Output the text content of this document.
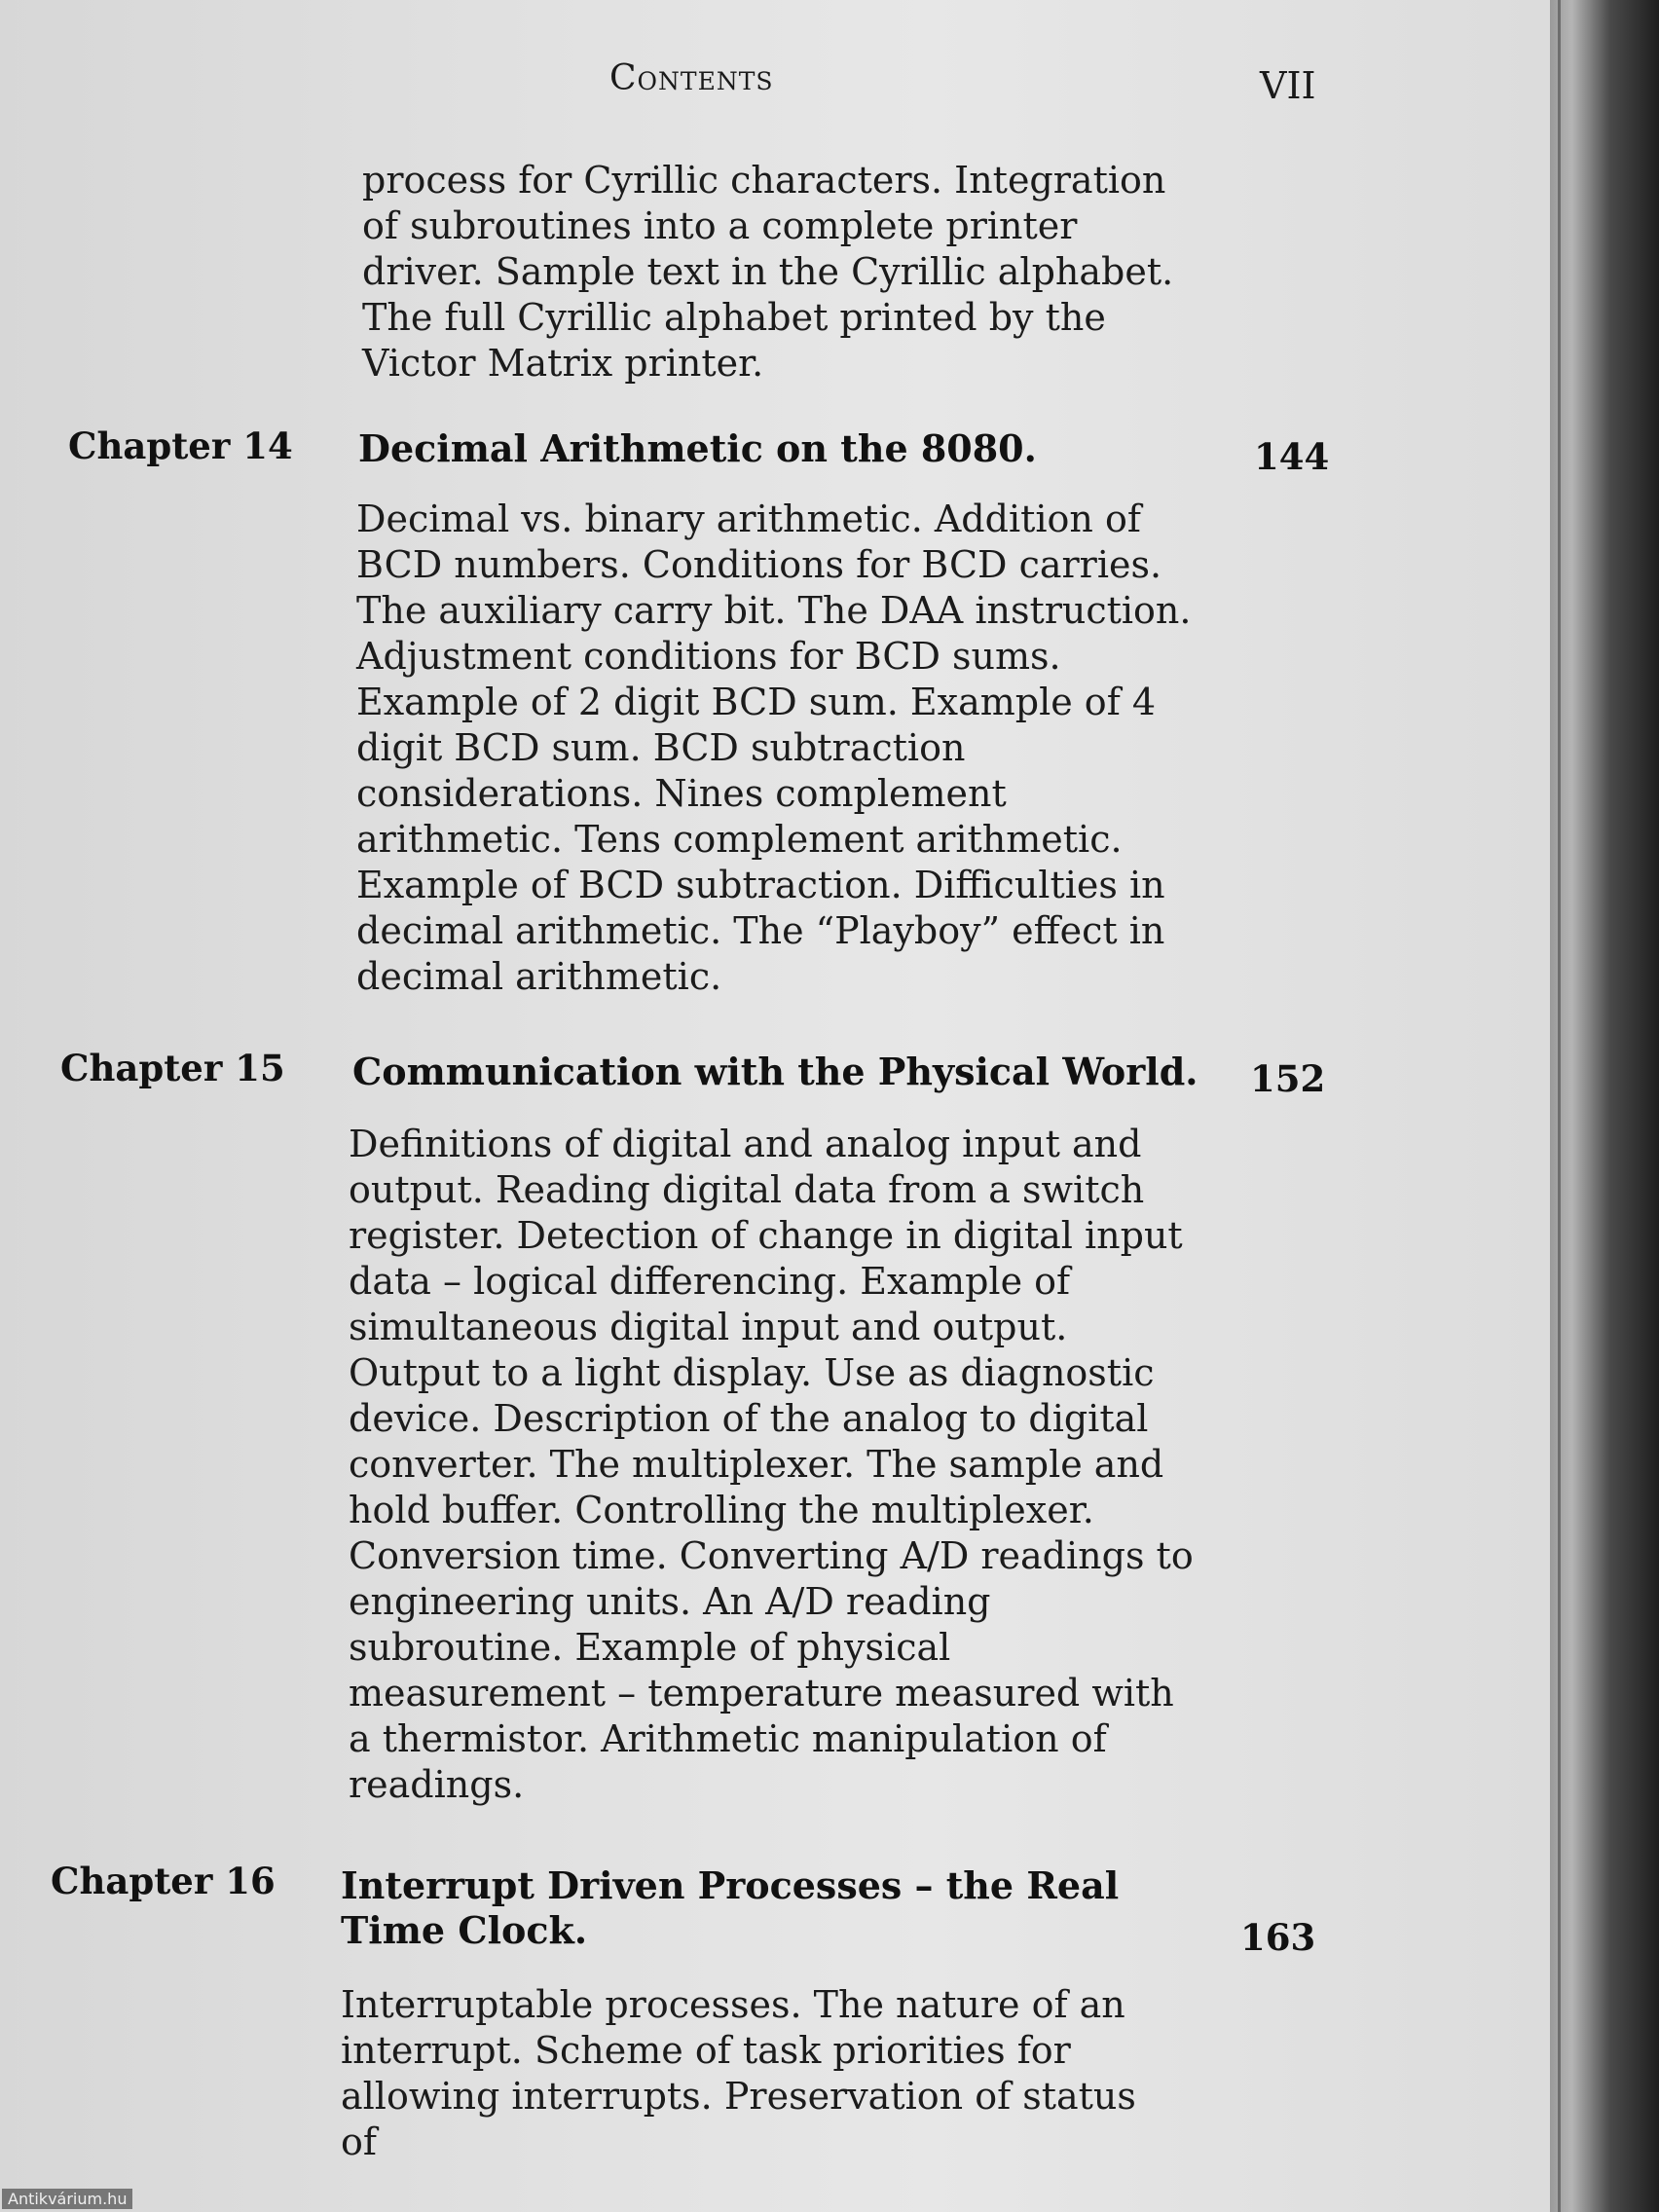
Contents	VII

process for Cyrillic characters. Integration of subroutines into a complete printer driver. Sample text in the Cyrillic alphabet. The full Cyrillic alphabet printed by the Victor Matrix printer.

Chapter 14 Decimal Arithmetic on the 8080.	144

Decimal vs. binary arithmetic. Addition of BCD numbers. Conditions for BCD carries. The auxiliary carry bit. The DAA instruction. Adjustment conditions for BCD sums. Example of 2 digit BCD sum. Example of 4 digit BCD sum. BCD subtraction considerations. Nines complement arithmetic. Tens complement arithmetic. Example of BCD subtraction. Difficulties in decimal arithmetic. The “Playboy” effect in decimal arithmetic.

Chapter 15 Communication with the Physical World.	152

Definitions of digital and analog input and output. Reading digital data from a switch register. Detection of change in digital input data – logical differencing. Example of simultaneous digital input and output. Output to a light display. Use as diagnostic device. Description of the analog to digital converter. The multiplexer. The sample and hold buffer. Controlling the multiplexer. Conversion time. Converting A/D readings to engineering units. An A/D reading subroutine. Example of physical measurement – temperature measured with a thermistor. Arithmetic manipulation of readings.

Chapter 16 Interrupt Driven Processes – the Real Time Clock.	163

Interruptable processes. The nature of an interrupt. Scheme of task priorities for allowing interrupts. Preservation of status of

Antikvárium.hu
